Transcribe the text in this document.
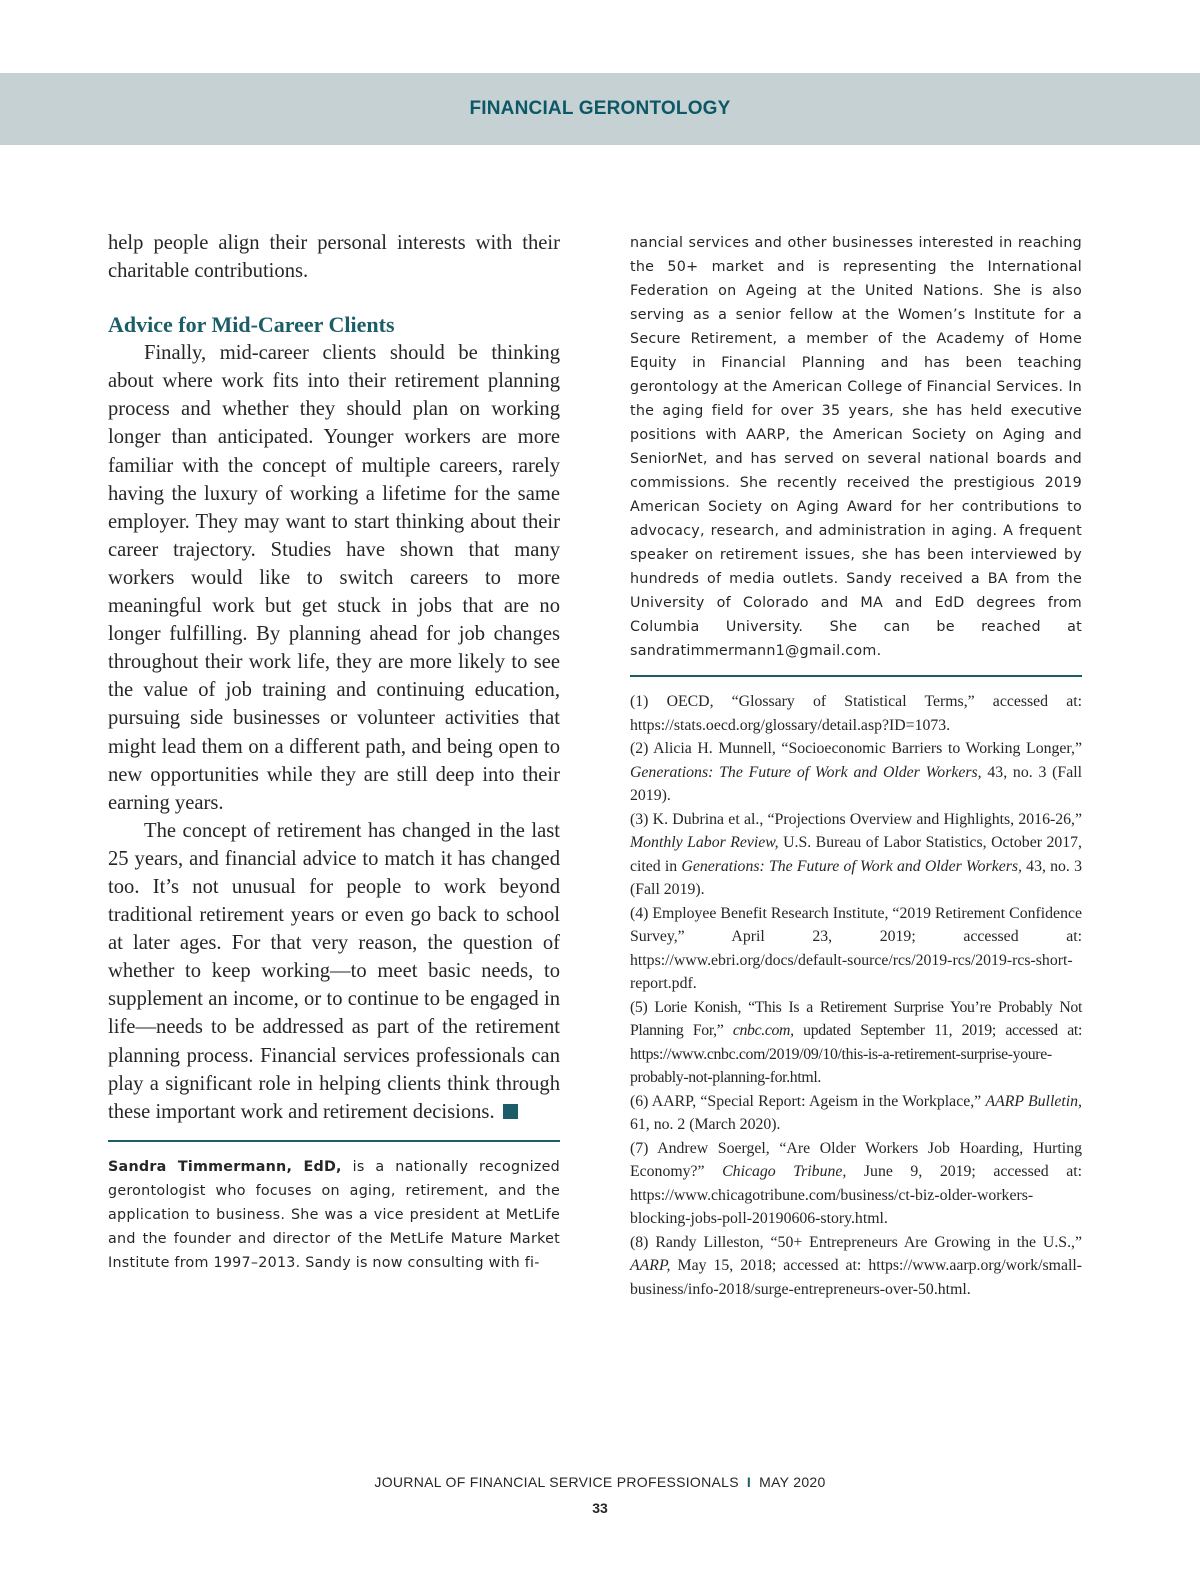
FINANCIAL GERONTOLOGY

help people align their personal interests with their charitable contributions.

Advice for Mid-Career Clients

Finally, mid-career clients should be thinking about where work fits into their retirement planning process and whether they should plan on working longer than anticipated. Younger workers are more familiar with the concept of multiple careers, rarely having the luxury of working a lifetime for the same employer. They may want to start thinking about their career trajectory. Studies have shown that many workers would like to switch careers to more meaningful work but get stuck in jobs that are no longer fulfilling. By planning ahead for job changes throughout their work life, they are more likely to see the value of job training and continuing education, pursuing side businesses or volunteer activities that might lead them on a different path, and being open to new opportunities while they are still deep into their earning years.

The concept of retirement has changed in the last 25 years, and financial advice to match it has changed too. It’s not unusual for people to work beyond traditional retirement years or even go back to school at later ages. For that very reason, the question of whether to keep working—to meet basic needs, to supplement an income, or to continue to be engaged in life—needs to be addressed as part of the retirement planning process. Financial services professionals can play a significant role in helping clients think through these important work and retirement decisions.

Sandra Timmermann, EdD, is a nationally recognized gerontologist who focuses on aging, retirement, and the application to business. She was a vice president at MetLife and the founder and director of the MetLife Mature Market Institute from 1997–2013. Sandy is now consulting with fi-

nancial services and other businesses interested in reaching the 50+ market and is representing the International Federation on Ageing at the United Nations. She is also serving as a senior fellow at the Women’s Institute for a Secure Retirement, a member of the Academy of Home Equity in Financial Planning and has been teaching gerontology at the American College of Financial Services. In the aging field for over 35 years, she has held executive positions with AARP, the American Society on Aging and SeniorNet, and has served on several national boards and commissions. She recently received the prestigious 2019 American Society on Aging Award for her contributions to advocacy, research, and administration in aging. A frequent speaker on retirement issues, she has been interviewed by hundreds of media outlets. Sandy received a BA from the University of Colorado and MA and EdD degrees from Columbia University. She can be reached at sandratimmermann1@gmail.com.

(1) OECD, “Glossary of Statistical Terms,” accessed at: https://stats.oecd.org/glossary/detail.asp?ID=1073.

(2) Alicia H. Munnell, “Socioeconomic Barriers to Working Longer,” Generations: The Future of Work and Older Workers, 43, no. 3 (Fall 2019).

(3) K. Dubrina et al., “Projections Overview and Highlights, 2016-26,” Monthly Labor Review, U.S. Bureau of Labor Statistics, October 2017, cited in Generations: The Future of Work and Older Workers, 43, no. 3 (Fall 2019).

(4) Employee Benefit Research Institute, “2019 Retirement Confidence Survey,” April 23, 2019; accessed at: https://www.ebri.org/docs/default-source/rcs/2019-rcs/2019-rcs-short-report.pdf.

(5) Lorie Konish, “This Is a Retirement Surprise You’re Probably Not Planning For,” cnbc.com, updated September 11, 2019; accessed at: https://www.cnbc.com/2019/09/10/this-is-a-retirement-surprise-youre-probably-not-planning-for.html.

(6) AARP, “Special Report: Ageism in the Workplace,” AARP Bulletin, 61, no. 2 (March 2020).

(7) Andrew Soergel, “Are Older Workers Job Hoarding, Hurting Economy?” Chicago Tribune, June 9, 2019; accessed at: https://www.chicagotribune.com/business/ct-biz-older-workers-blocking-jobs-poll-20190606-story.html.

(8) Randy Lilleston, “50+ Entrepreneurs Are Growing in the U.S.,” AARP, May 15, 2018; accessed at: https://www.aarp.org/work/small-business/info-2018/surge-entrepreneurs-over-50.html.

JOURNAL OF FINANCIAL SERVICE PROFESSIONALS I MAY 2020
33
